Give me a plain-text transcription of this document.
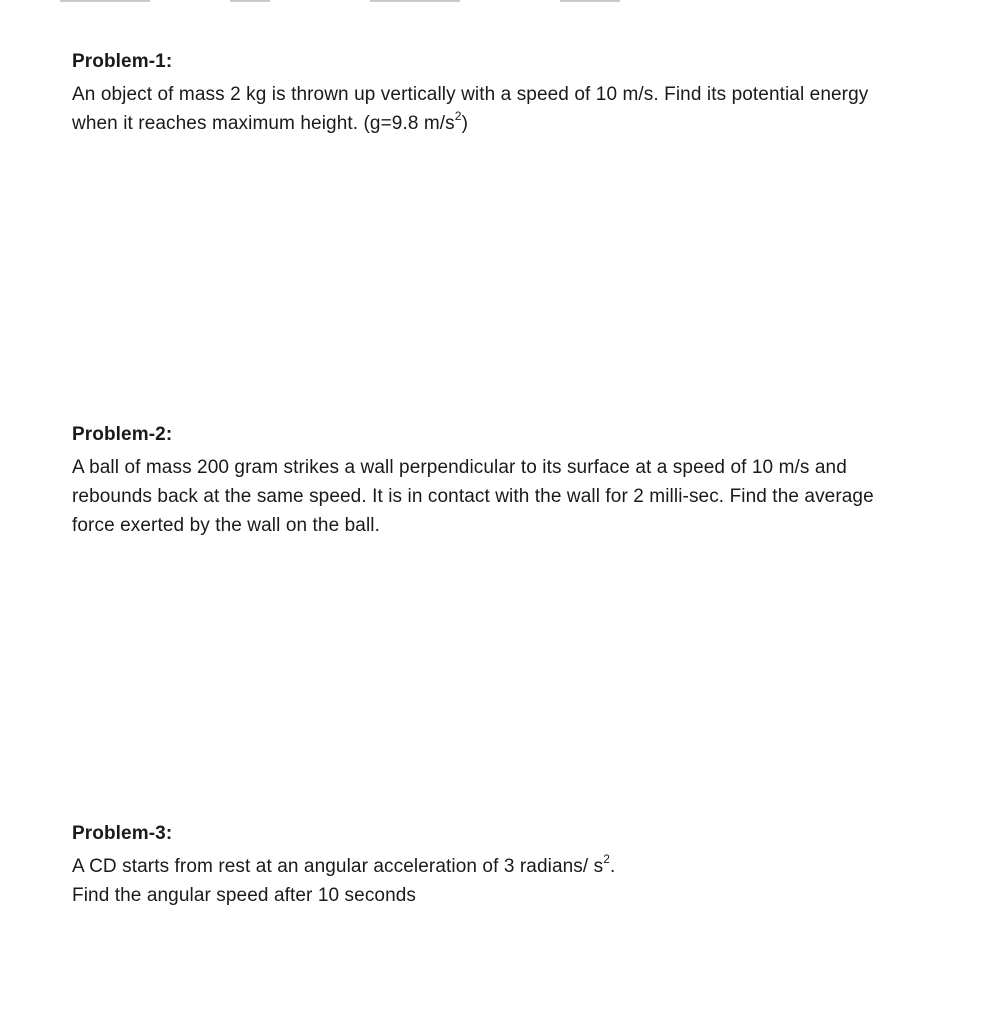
Problem-1:

An object of mass 2 kg is thrown up vertically with a speed of 10 m/s. Find its potential energy
when it reaches maximum height. (g=9.8 $m/s^2$)

Problem-2:

A ball of mass 200 gram strikes a wall perpendicular to its surface at a speed of 10 m/s and
rebounds back at the same speed. It is in contact with the wall for 2 milli-sec. Find the average
force exerted by the wall on the ball.

Problem-3:

A CD starts from rest at an angular acceleration of 3 radians/ $s^2$.
Find the angular speed after 10 seconds
